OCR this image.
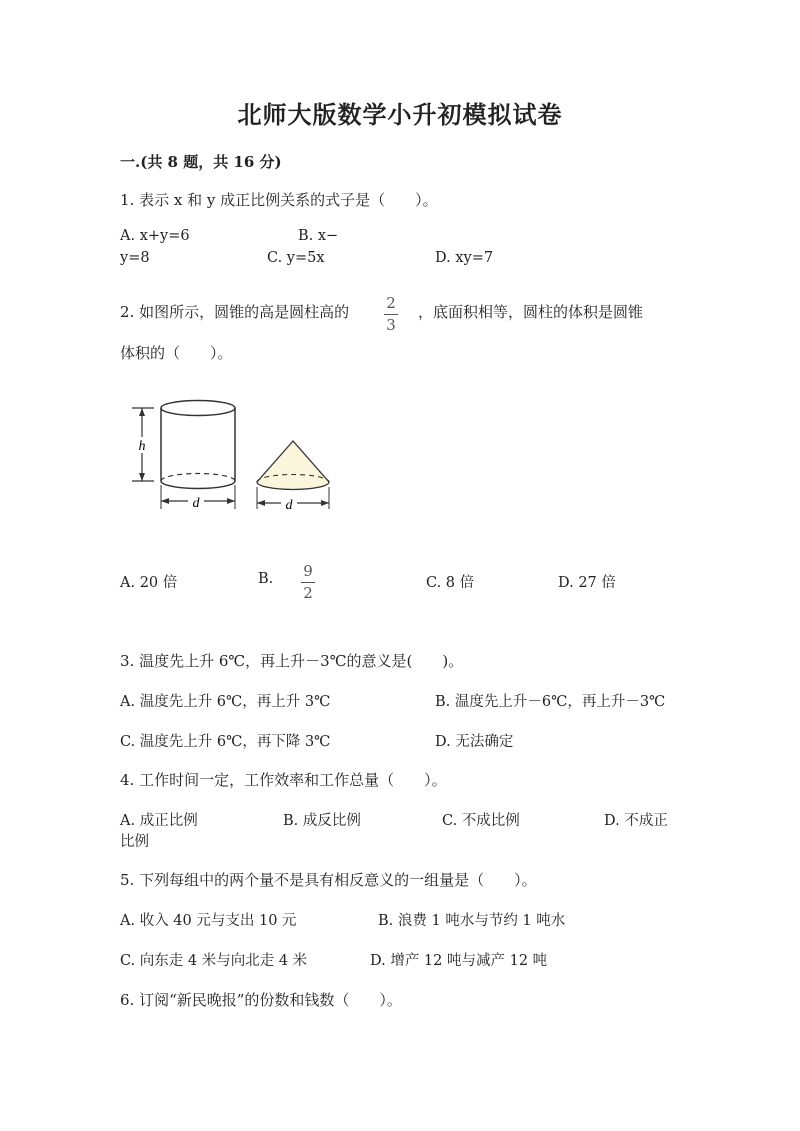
北师大版数学小升初模拟试卷
一.(共 8 题，共 16 分)
1. 表示 x 和 y 成正比例关系的式子是（　　）。
A. x+y=6	B. x−
y=8	C. y=5x	D. xy=7
2. 如图所示，圆锥的高是圆柱高的 2
3
，底面积相等，圆柱的体积是圆锥
体积的（　　）。
h
d	d
A. 20 倍	B. 9
2
C. 8 倍	D. 27 倍
3. 温度先上升 6℃，再上升－3℃的意义是(　　)。
A. 温度先上升 6℃，再上升 3℃	B. 温度先上升－6℃，再上升－3℃
C. 温度先上升 6℃，再下降 3℃	D. 无法确定
4. 工作时间一定，工作效率和工作总量（　　）。
A. 成正比例	B. 成反比例	C. 不成比例	D. 不成正
比例
5. 下列每组中的两个量不是具有相反意义的一组量是（　　）。
A. 收入 40 元与支出 10 元	B. 浪费 1 吨水与节约 1 吨水
C. 向东走 4 米与向北走 4 米	D. 增产 12 吨与减产 12 吨
6. 订阅“新民晚报”的份数和钱数（　　）。
